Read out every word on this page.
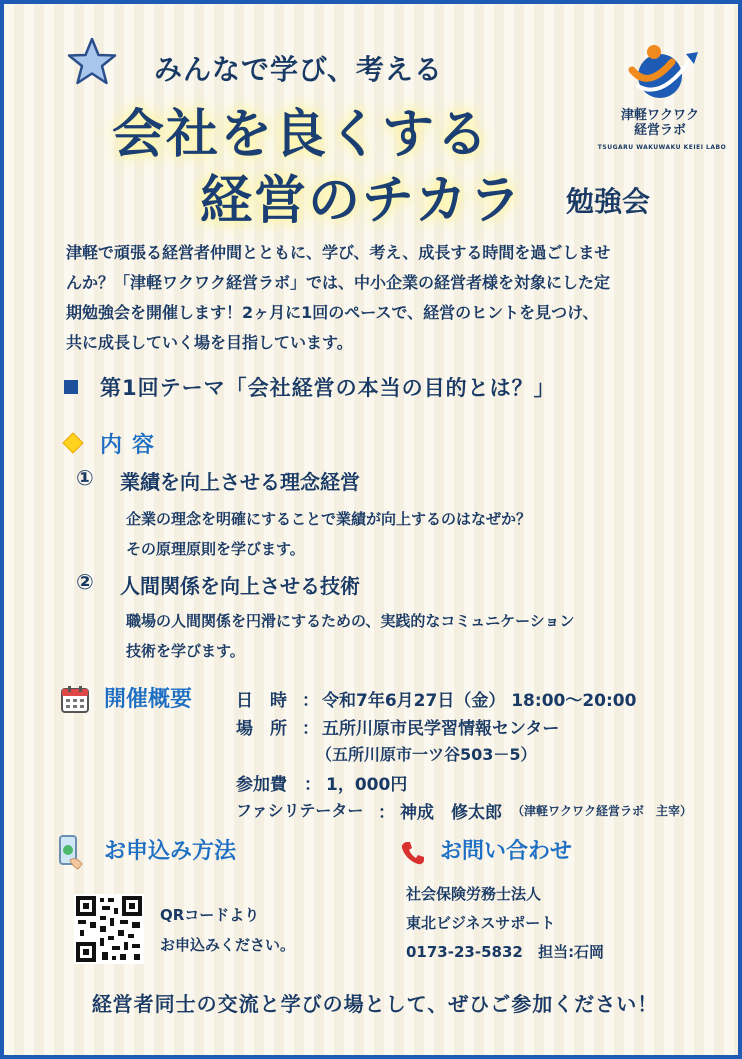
みんなで学び、考える
会社を良くする
経営のチカラ 勉強会
津軽ワクワク
経営ラボ
TSUGARU WAKUWAKU KEIEI LABO
津軽で頑張る経営者仲間とともに、学び、考え、成長する時間を過ごしませ
んか？「津軽ワクワク経営ラボ」では、中小企業の経営者様を対象にした定
期勉強会を開催します！2ヶ月に1回のペースで、経営のヒントを見つけ、
共に成長していく場を目指しています。
第1回テーマ「会社経営の本当の目的とは？」
内容
① 業績を向上させる理念経営
企業の理念を明確にすることで業績が向上するのはなぜか？
その原理原則を学びます。
② 人間関係を向上させる技術
職場の人間関係を円滑にするための、実践的なコミュニケーション
技術を学びます。
開催概要	日　時 ： 令和7年6月27日（金） 18:00〜20:00
場　所 ： 五所川原市民学習情報センター
（五所川原市一ツ谷503－5）
参加費 ： 1，000円
ファシリテーター ： 神成　修太郎 （津軽ワクワク経営ラボ　主宰）
お申込み方法
QRコードより
お申込みください。
お問い合わせ
社会保険労務士法人
東北ビジネスサポート
0173-23-5832 担当:石岡
経営者同士の交流と学びの場として、ぜひご参加ください！
